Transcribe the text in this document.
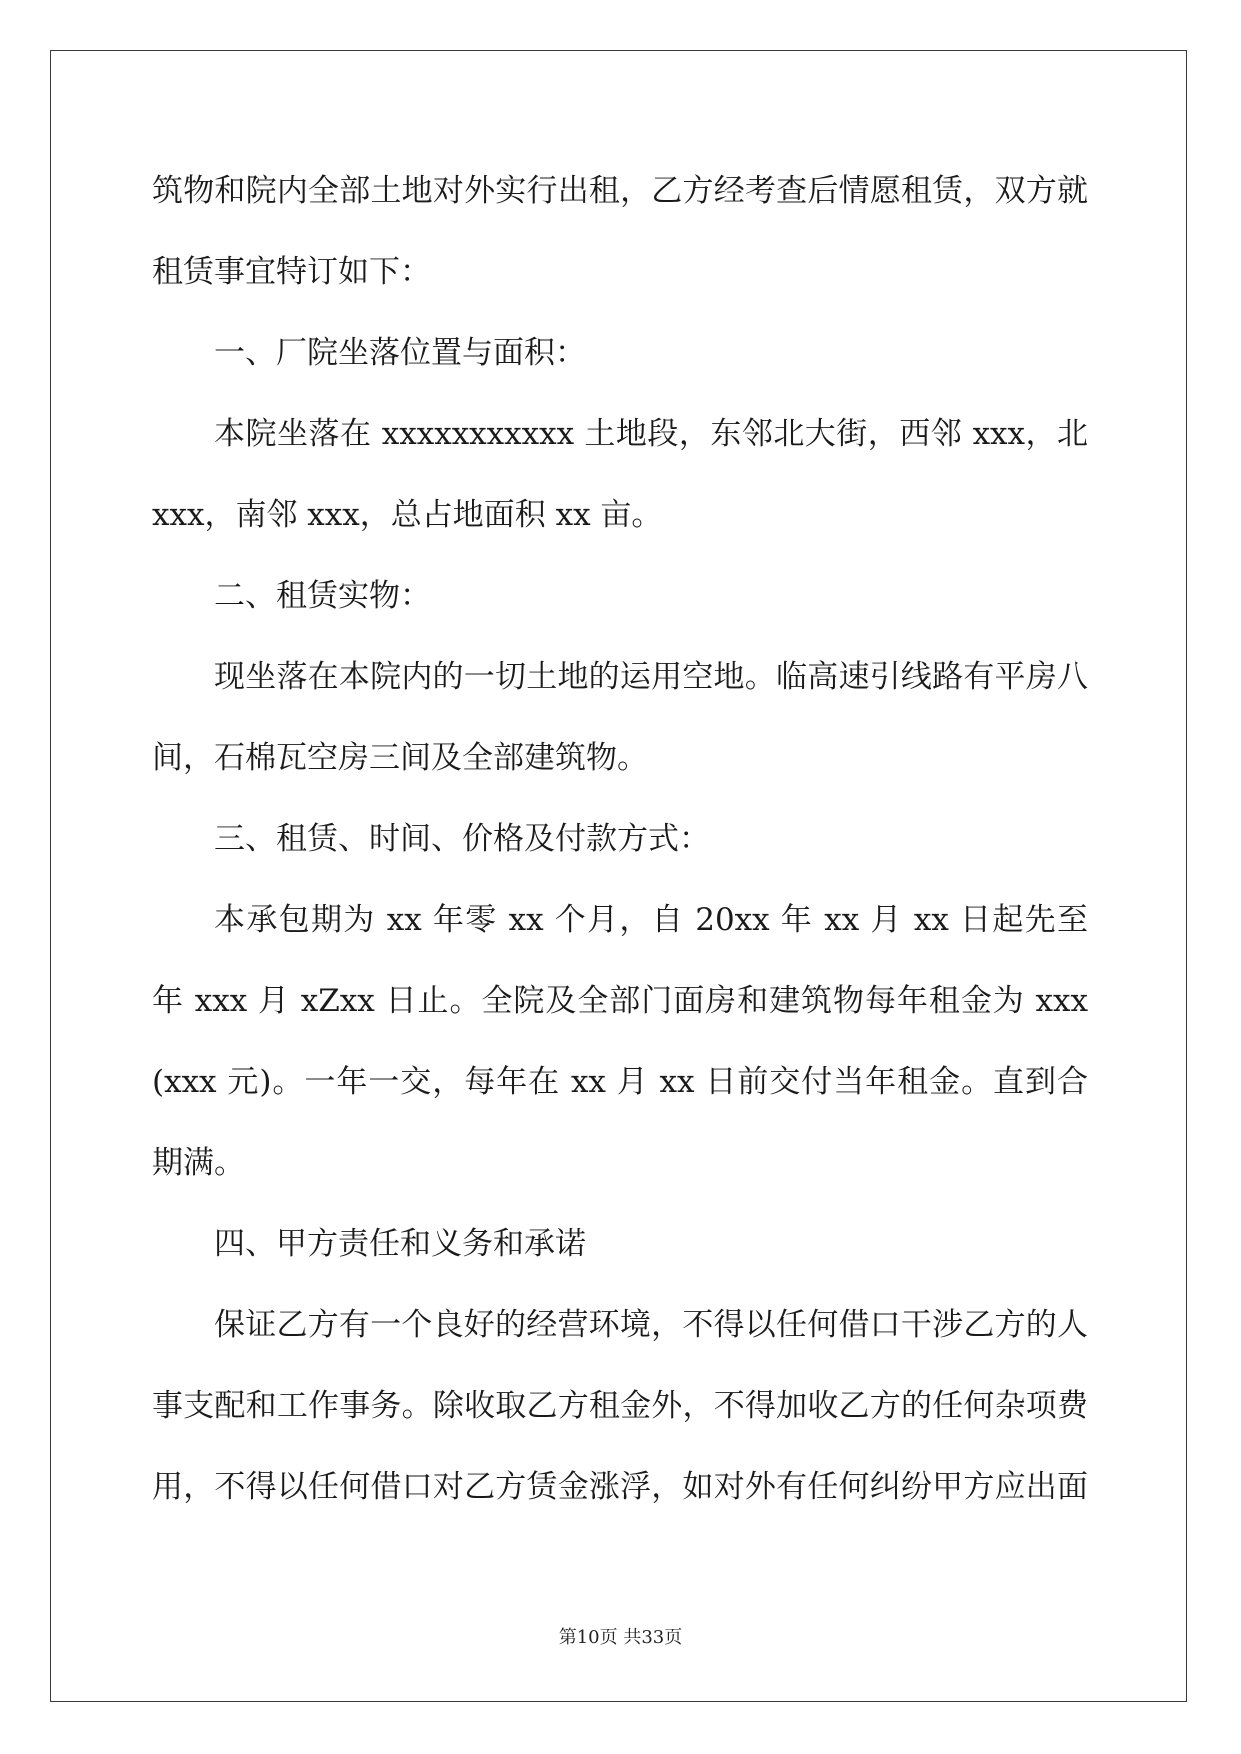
筑物和院内全部土地对外实行出租，乙方经考查后情愿租赁，双方就
租赁事宜特订如下：
一、厂院坐落位置与面积：
本院坐落在 xxxxxxxxxxx 土地段，东邻北大街，西邻 xxx，北
xxx，南邻 xxx，总占地面积 xx 亩。
二、租赁实物：
现坐落在本院内的一切土地的运用空地。临高速引线路有平房八
间，石棉瓦空房三间及全部建筑物。
三、租赁、时间、价格及付款方式：
本承包期为 xx 年零 xx 个月，自 20xx 年 xx 月 xx 日起先至
年 xxx 月 xZxx 日止。全院及全部门面房和建筑物每年租金为 xxx
(xxx 元)。一年一交，每年在 xx 月 xx 日前交付当年租金。直到合
期满。
四、甲方责任和义务和承诺
保证乙方有一个良好的经营环境，不得以任何借口干涉乙方的人
事支配和工作事务。除收取乙方租金外，不得加收乙方的任何杂项费
用，不得以任何借口对乙方赁金涨浮，如对外有任何纠纷甲方应出面
第10页 共33页
